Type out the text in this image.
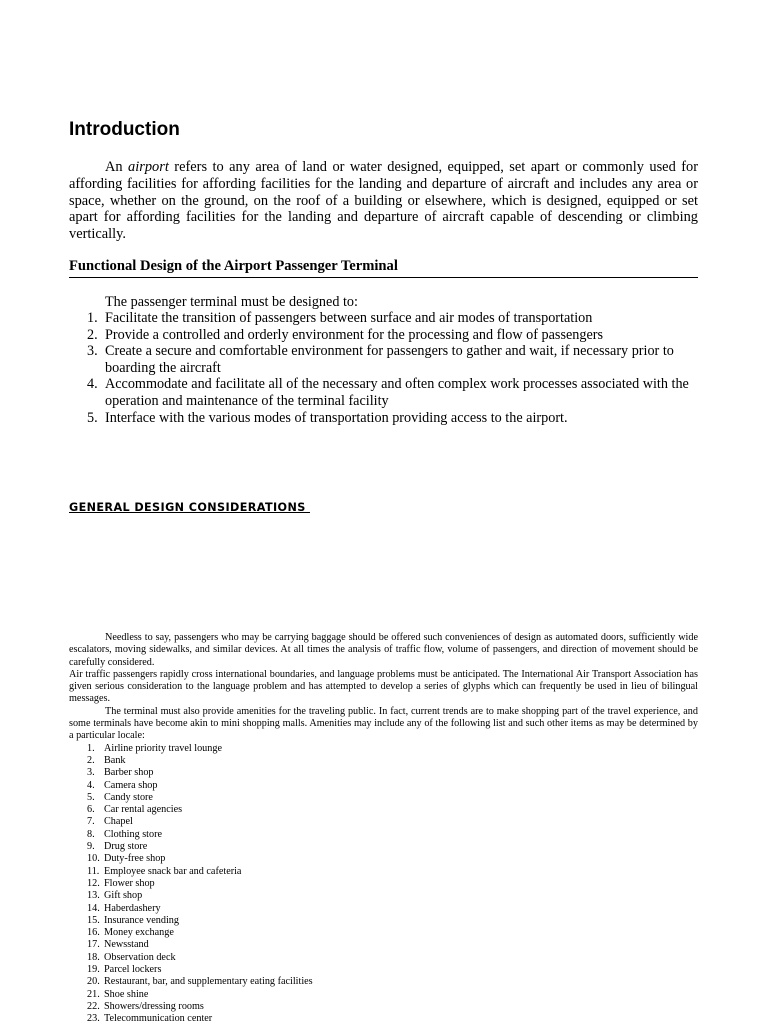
Introduction

An airport refers to any area of land or water designed, equipped, set apart or commonly used for affording facilities for affording facilities for the landing and departure of aircraft and includes any area or space, whether on the ground, on the roof of a building or elsewhere, which is designed, equipped or set apart for affording facilities for the landing and departure of aircraft capable of descending or climbing vertically.

Functional Design of the Airport Passenger Terminal
The passenger terminal must be designed to:
1. Facilitate the transition of passengers between surface and air modes of transportation
2. Provide a controlled and orderly environment for the processing and flow of passengers
3. Create a secure and comfortable environment for passengers to gather and wait, if necessary prior to boarding the aircraft
4. Accommodate and facilitate all of the necessary and often complex work processes associated with the operation and maintenance of the terminal facility
5. Interface with the various modes of transportation providing access to the airport.
GENERAL DESIGN CONSIDERATIONS

Needless to say, passengers who may be carrying baggage should be offered such conveniences of design as automated doors, sufficiently wide escalators, moving sidewalks, and similar devices. At all times the analysis of traffic flow, volume of passengers, and direction of movement should be carefully considered.

Air traffic passengers rapidly cross international boundaries, and language problems must be anticipated. The International Air Transport Association has given serious consideration to the language problem and has attempted to develop a series of glyphs which can frequently be used in lieu of bilingual messages.

The terminal must also provide amenities for the traveling public. In fact, current trends are to make shopping part of the travel experience, and some terminals have become akin to mini shopping malls. Amenities may include any of the following list and such other items as may be determined by a particular locale:

1. Airline priority travel lounge
2. Bank
3. Barber shop
4. Camera shop
5. Candy store
6. Car rental agencies
7. Chapel
8. Clothing store
9. Drug store
10. Duty-free shop
11. Employee snack bar and cafeteria
12. Flower shop
13. Gift shop
14. Haberdashery
15. Insurance vending
16. Money exchange
17. Newsstand
18. Observation deck
19. Parcel lockers
20. Restaurant, bar, and supplementary eating facilities
21. Shoe shine
22. Showers/dressing rooms
23. Telecommunication center
